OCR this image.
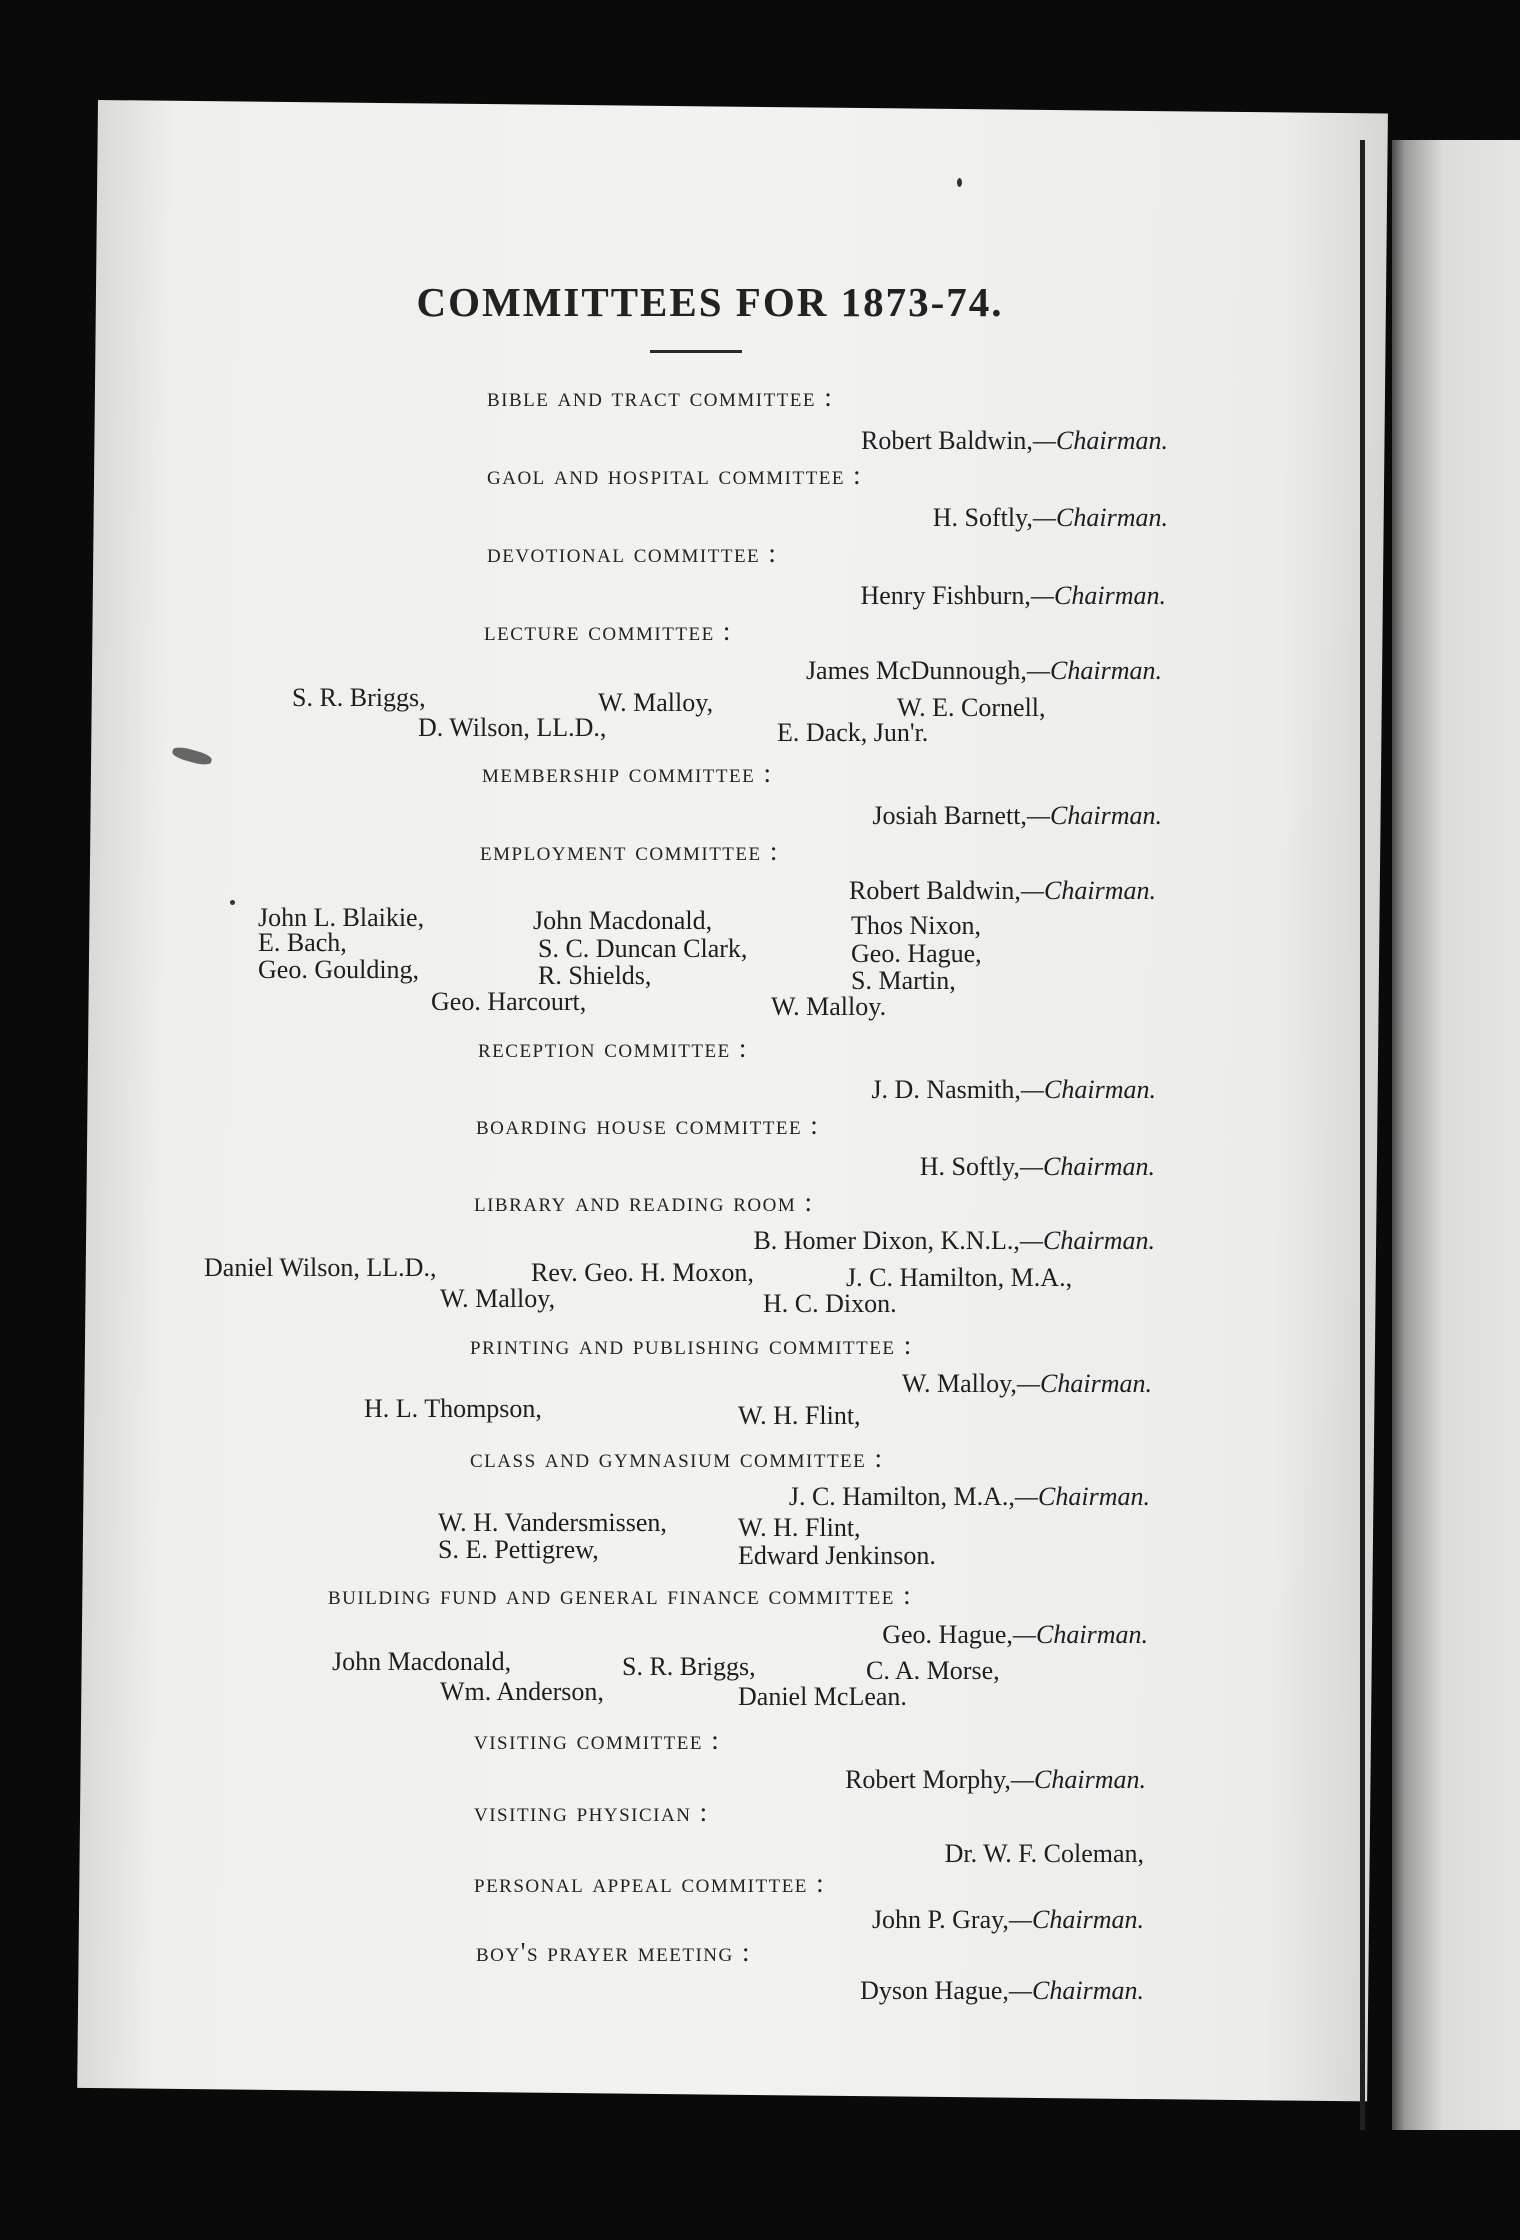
COMMITTEES FOR 1873-74.
bible and tract committee :
Robert Baldwin,—Chairman.
gaol and hospital committee :
H. Softly,—Chairman.
devotional committee :
Henry Fishburn,—Chairman.
lecture committee :
James McDunnough,—Chairman.
S. R. Briggs,	W. Malloy,	W. E. Cornell,
D. Wilson, LL.D.,	E. Dack, Jun'r.
membership committee :
Josiah Barnett,—Chairman.
employment committee :
Robert Baldwin,—Chairman.
John L. Blaikie,	John Macdonald,	Thos Nixon,
E. Bach,	S. C. Duncan Clark,	Geo. Hague,
Geo. Goulding,	R. Shields,	S. Martin,
Geo. Harcourt,	W. Malloy.
reception committee :
J. D. Nasmith,—Chairman.
boarding house committee :
H. Softly,—Chairman.
library and reading room :
B. Homer Dixon, K.N.L.,—Chairman.
Daniel Wilson, LL.D.,	Rev. Geo. H. Moxon,	J. C. Hamilton, M.A.,
W. Malloy,	H. C. Dixon.
printing and publishing committee :
W. Malloy,—Chairman.
H. L. Thompson,	W. H. Flint,
class and gymnasium committee :
J. C. Hamilton, M.A.,—Chairman.
W. H. Vandersmissen,	W. H. Flint,
S. E. Pettigrew,	Edward Jenkinson.
building fund and general finance committee :
Geo. Hague,—Chairman.
John Macdonald,	S. R. Briggs,	C. A. Morse,
Wm. Anderson,	Daniel McLean.
visiting committee :
Robert Morphy,—Chairman.
visiting physician :
Dr. W. F. Coleman,
personal appeal committee :
John P. Gray,—Chairman.
boy's prayer meeting :
Dyson Hague,—Chairman.
